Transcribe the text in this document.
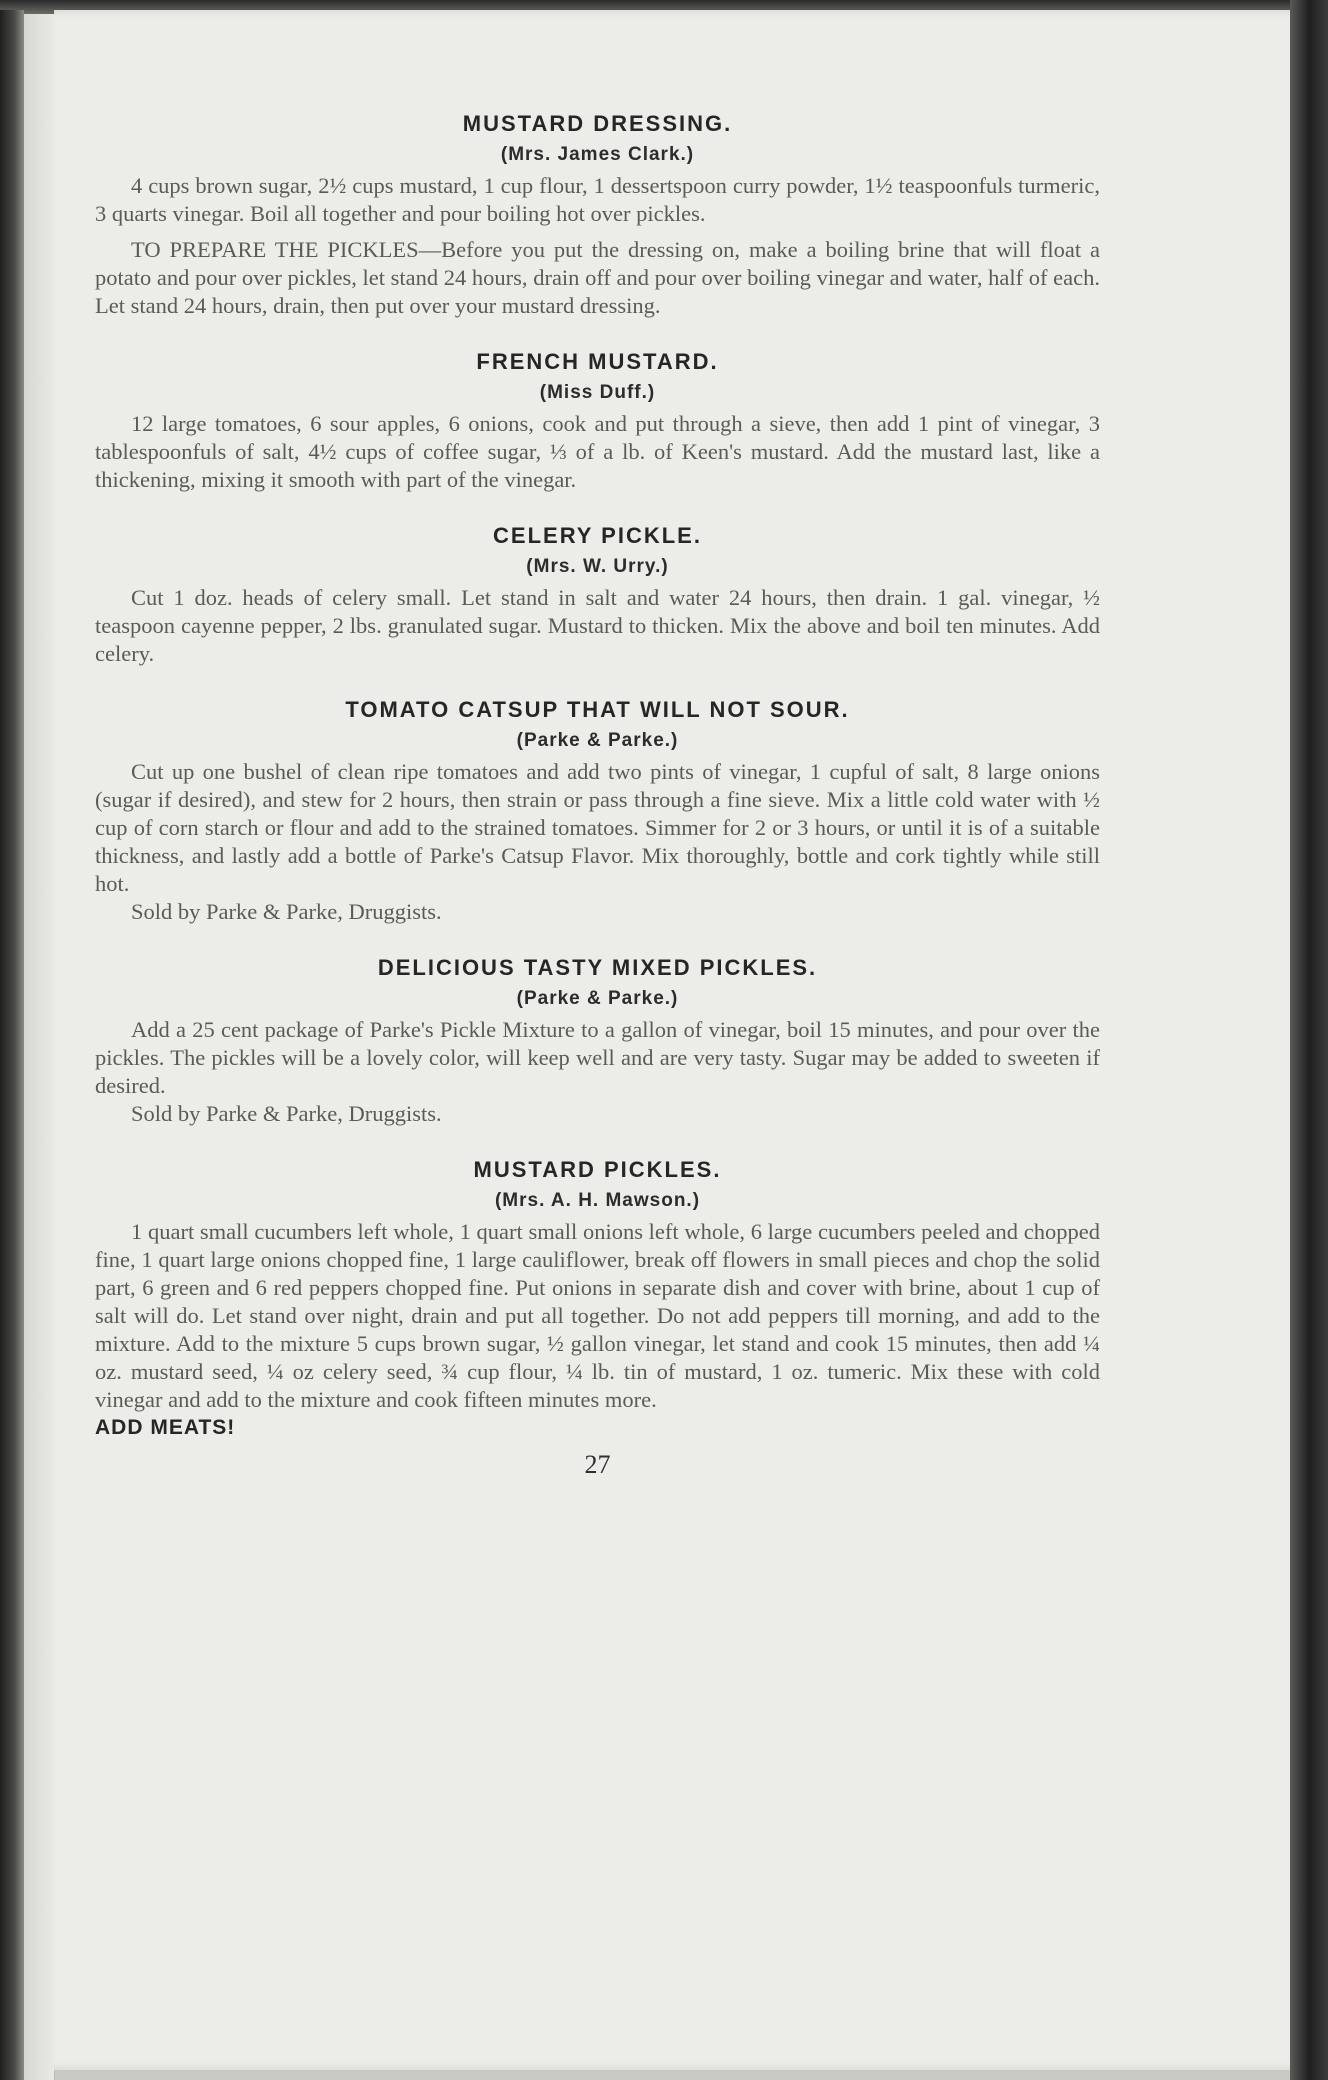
MUSTARD DRESSING.
(Mrs. James Clark.)

4 cups brown sugar, 2½ cups mustard, 1 cup flour, 1 dessertspoon curry powder, 1½ teaspoonfuls turmeric, 3 quarts vinegar. Boil all together and pour boiling hot over pickles.

TO PREPARE THE PICKLES—Before you put the dressing on, make a boiling brine that will float a potato and pour over pickles, let stand 24 hours, drain off and pour over boiling vinegar and water, half of each. Let stand 24 hours, drain, then put over your mustard dressing.

FRENCH MUSTARD.
(Miss Duff.)

12 large tomatoes, 6 sour apples, 6 onions, cook and put through a sieve, then add 1 pint of vinegar, 3 tablespoonfuls of salt, 4½ cups of coffee sugar, ⅓ of a lb. of Keen's mustard. Add the mustard last, like a thickening, mixing it smooth with part of the vinegar.

CELERY PICKLE.
(Mrs. W. Urry.)

Cut 1 doz. heads of celery small. Let stand in salt and water 24 hours, then drain. 1 gal. vinegar, ½ teaspoon cayenne pepper, 2 lbs. granulated sugar. Mustard to thicken. Mix the above and boil ten minutes. Add celery.

TOMATO CATSUP THAT WILL NOT SOUR.
(Parke & Parke.)

Cut up one bushel of clean ripe tomatoes and add two pints of vinegar, 1 cupful of salt, 8 large onions (sugar if desired), and stew for 2 hours, then strain or pass through a fine sieve. Mix a little cold water with ½ cup of corn starch or flour and add to the strained tomatoes. Simmer for 2 or 3 hours, or until it is of a suitable thickness, and lastly add a bottle of Parke's Catsup Flavor. Mix thoroughly, bottle and cork tightly while still hot.

Sold by Parke & Parke, Druggists.

DELICIOUS TASTY MIXED PICKLES.
(Parke & Parke.)

Add a 25 cent package of Parke's Pickle Mixture to a gallon of vinegar, boil 15 minutes, and pour over the pickles. The pickles will be a lovely color, will keep well and are very tasty. Sugar may be added to sweeten if desired.

Sold by Parke & Parke, Druggists.

MUSTARD PICKLES.
(Mrs. A. H. Mawson.)

1 quart small cucumbers left whole, 1 quart small onions left whole, 6 large cucumbers peeled and chopped fine, 1 quart large onions chopped fine, 1 large cauliflower, break off flowers in small pieces and chop the solid part, 6 green and 6 red peppers chopped fine. Put onions in separate dish and cover with brine, about 1 cup of salt will do. Let stand over night, drain and put all together. Do not add peppers till morning, and add to the mixture. Add to the mixture 5 cups brown sugar, ½ gallon vinegar, let stand and cook 15 minutes, then add ¼ oz. mustard seed, ¼ oz celery seed, ¾ cup flour, ¼ lb. tin of mustard, 1 oz. tumeric. Mix these with cold vinegar and add to the mixture and cook fifteen minutes more.

ADD MEATS!
27
